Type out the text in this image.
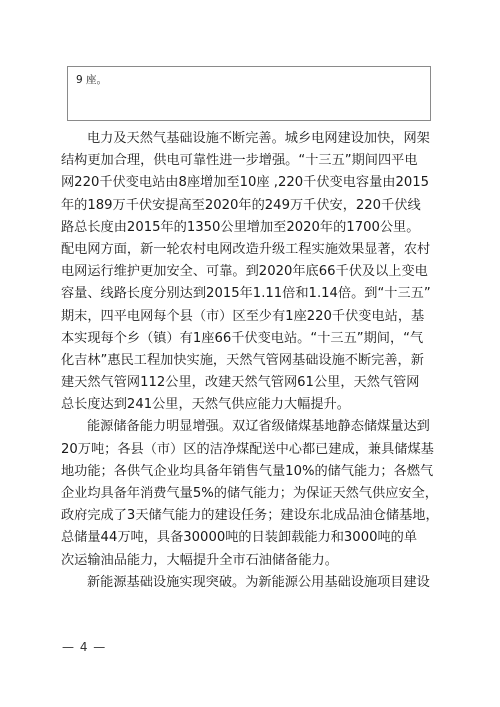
9 座。

电力及天然气基础设施不断完善。城乡电网建设加快，网架
结构更加合理，供电可靠性进一步增强。“十三五”期间四平电
网220千伏变电站由8座增加至10座 ,220千伏变电容量由2015
年的189万千伏安提高至2020年的249万千伏安，220千伏线
路总长度由2015年的1350公里增加至2020年的1700公里。
配电网方面，新一轮农村电网改造升级工程实施效果显著，农村
电网运行维护更加安全、可靠。到2020年底66千伏及以上变电
容量、线路长度分别达到2015年1.11倍和1.14倍。到“十三五”
期末，四平电网每个县（市）区至少有1座220千伏变电站，基
本实现每个乡（镇）有1座66千伏变电站。“十三五”期间，“气
化吉林”惠民工程加快实施，天然气管网基础设施不断完善，新
建天然气管网112公里，改建天然气管网61公里，天然气管网
总长度达到241公里，天然气供应能力大幅提升。

能源储备能力明显增强。双辽省级储煤基地静态储煤量达到
20万吨；各县（市）区的洁净煤配送中心都已建成，兼具储煤基
地功能；各供气企业均具备年销售气量10%的储气能力；各燃气
企业均具备年消费气量5%的储气能力；为保证天然气供应安全，
政府完成了3天储气能力的建设任务；建设东北成品油仓储基地，
总储量44万吨，具备30000吨的日装卸载能力和3000吨的单
次运输油品能力，大幅提升全市石油储备能力。

新能源基础设施实现突破。为新能源公用基础设施项目建设

— 4 —
